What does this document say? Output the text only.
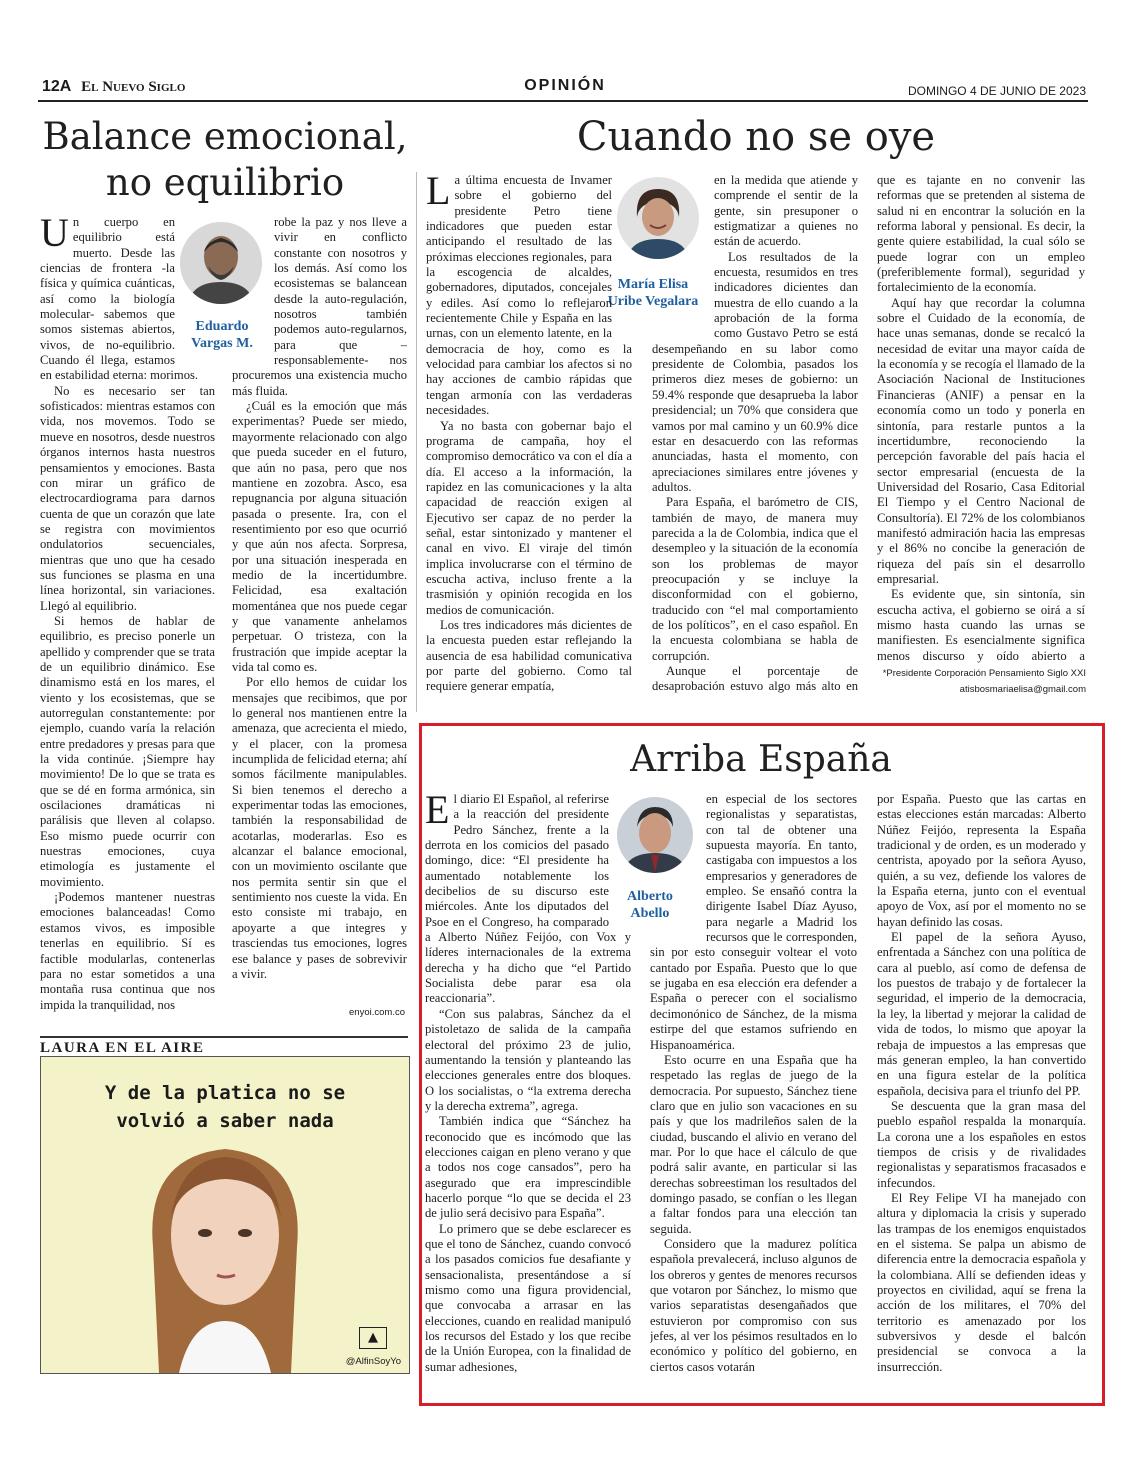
12A El Nuevo Siglo	OPINIÓN	DOMINGO 4 DE JUNIO DE 2023
Balance emocional,
no equilibrio
Eduardo
Vargas M.

Un cuerpo en equilibrio está muerto. Desde las ciencias de frontera -la física y química cuánticas, así como la biología molecular- sabemos que somos sistemas abiertos, vivos, de no-equilibrio. Cuando él llega, estamos en estabilidad eterna: morimos.

No es necesario ser tan sofisticados: mientras estamos con vida, nos movemos. Todo se mueve en nosotros, desde nuestros órganos internos hasta nuestros pensamientos y emociones. Basta con mirar un gráfico de electrocardiograma para darnos cuenta de que un corazón que late se registra con movimientos ondulatorios secuenciales, mientras que uno que ha cesado sus funciones se plasma en una línea horizontal, sin variaciones. Llegó al equilibrio.

Si hemos de hablar de equilibrio, es preciso ponerle un apellido y comprender que se trata de un equilibrio dinámico. Ese dinamismo está en los mares, el viento y los ecosistemas, que se autorregulan constantemente: por ejemplo, cuando varía la relación entre predadores y presas para que la vida continúe. ¡Siempre hay movimiento! De lo que se trata es que se dé en forma armónica, sin oscilaciones dramáticas ni parálisis que lleven al colapso. Eso mismo puede ocurrir con nuestras emociones, cuya etimología es justamente el movimiento.

¡Podemos mantener nuestras emociones balanceadas! Como estamos vivos, es imposible tenerlas en equilibrio. Sí es factible modularlas, contenerlas para no estar sometidos a una montaña rusa continua que nos impida la tranquilidad, nos

robe la paz y nos lleve a vivir en conflicto constante con nosotros y los demás. Así como los ecosistemas se balancean desde la auto-regulación, nosotros también podemos auto-regularnos, para que –responsablemente- nos procuremos una existencia mucho más fluida.

¿Cuál es la emoción que más experimentas? Puede ser miedo, mayormente relacionado con algo que pueda suceder en el futuro, que aún no pasa, pero que nos mantiene en zozobra. Asco, esa repugnancia por alguna situación pasada o presente. Ira, con el resentimiento por eso que ocurrió y que aún nos afecta. Sorpresa, por una situación inesperada en medio de la incertidumbre. Felicidad, esa exaltación momentánea que nos puede cegar y que vanamente anhelamos perpetuar. O tristeza, con la frustración que impide aceptar la vida tal como es.

Por ello hemos de cuidar los mensajes que recibimos, que por lo general nos mantienen entre la amenaza, que acrecienta el miedo, y el placer, con la promesa incumplida de felicidad eterna; ahí somos fácilmente manipulables. Si bien tenemos el derecho a experimentar todas las emociones, también la responsabilidad de acotarlas, moderarlas. Eso es alcanzar el balance emocional, con un movimiento oscilante que nos permita sentir sin que el sentimiento nos cueste la vida. En esto consiste mi trabajo, en apoyarte a que integres y trasciendas tus emociones, logres ese balance y pases de sobrevivir a vivir.

enyoi.com.co
Cuando no se oye
María Elisa
Uribe Vegalara

La última encuesta de Invamer sobre el gobierno del presidente Petro tiene indicadores que pueden estar anticipando el resultado de las próximas elecciones regionales, para la escogencia de alcaldes, gobernadores, diputados, concejales y ediles. Así como lo reflejaron recientemente Chile y España en las urnas, con un elemento latente, en la democracia de hoy, como es la velocidad para cambiar los afectos si no hay acciones de cambio rápidas que tengan armonía con las verdaderas necesidades.

Ya no basta con gobernar bajo el programa de campaña, hoy el compromiso democrático va con el día a día. El acceso a la información, la rapidez en las comunicaciones y la alta capacidad de reacción exigen al Ejecutivo ser capaz de no perder la señal, estar sintonizado y mantener el canal en vivo. El viraje del timón implica involucrarse con el término de escucha activa, incluso frente a la trasmisión y opinión recogida en los medios de comunicación.

Los tres indicadores más dicientes de la encuesta pueden estar reflejando la ausencia de esa habilidad comunicativa por parte del gobierno. Como tal requiere generar empatía,

en la medida que atiende y comprende el sentir de la gente, sin presuponer o estigmatizar a quienes no están de acuerdo.

Los resultados de la encuesta, resumidos en tres indicadores dicientes dan muestra de ello cuando a la aprobación de la forma como Gustavo Petro se está desempeñando en su labor como presidente de Colombia, pasados los primeros diez meses de gobierno: un 59.4% responde que desaprueba la labor presidencial; un 70% que considera que vamos por mal camino y un 60.9% dice estar en desacuerdo con las reformas anunciadas, hasta el momento, con apreciaciones similares entre jóvenes y adultos.

Para España, el barómetro de CIS, también de mayo, de manera muy parecida a la de Colombia, indica que el desempleo y la situación de la economía son los problemas de mayor preocupación y se incluye la disconformidad con el gobierno, traducido con “el mal comportamiento de los políticos”, en el caso español. En la encuesta colombiana se habla de corrupción.

Aunque el porcentaje de desaprobación estuvo algo más alto en

que es tajante en no convenir las reformas que se pretenden al sistema de salud ni en encontrar la solución en la reforma laboral y pensional. Es decir, la gente quiere estabilidad, la cual sólo se puede lograr con un empleo (preferiblemente formal), seguridad y fortalecimiento de la economía.

Aquí hay que recordar la columna sobre el Cuidado de la economía, de hace unas semanas, donde se recalcó la necesidad de evitar una mayor caída de la economía y se recogía el llamado de la Asociación Nacional de Instituciones Financieras (ANIF) a pensar en la economía como un todo y ponerla en sintonía, para restarle puntos a la incertidumbre, reconociendo la percepción favorable del país hacia el sector empresarial (encuesta de la Universidad del Rosario, Casa Editorial El Tiempo y el Centro Nacional de Consultoría). El 72% de los colombianos manifestó admiración hacia las empresas y el 86% no concibe la generación de riqueza del país sin el desarrollo empresarial.

Es evidente que, sin sintonía, sin escucha activa, el gobierno se oirá a sí mismo hasta cuando las urnas se manifiesten. Es esencialmente significa menos discurso y oído abierto a

*Presidente Corporación Pensamiento Siglo XXI
atisbosmariaelisa@gmail.com
LAURA EN EL AIRE
Y de la platica no se
volvió a saber nada
▲
@AlfinSoyYo
Arriba España
Alberto
Abello

El diario El Español, al referirse a la reacción del presidente Pedro Sánchez, frente a la derrota en los comicios del pasado domingo, dice: “El presidente ha aumentado notablemente los decibelios de su discurso este miércoles. Ante los diputados del Psoe en el Congreso, ha comparado a Alberto Núñez Feijóo, con Vox y líderes internacionales de la extrema derecha y ha dicho que “el Partido Socialista debe parar esa ola reaccionaria”.

“Con sus palabras, Sánchez da el pistoletazo de salida de la campaña electoral del próximo 23 de julio, aumentando la tensión y planteando las elecciones generales entre dos bloques. O los socialistas, o “la extrema derecha y la derecha extrema”, agrega.

También indica que “Sánchez ha reconocido que es incómodo que las elecciones caigan en pleno verano y que a todos nos coge cansados”, pero ha asegurado que era imprescindible hacerlo porque “lo que se decida el 23 de julio será decisivo para España”.

Lo primero que se debe esclarecer es que el tono de Sánchez, cuando convocó a los pasados comicios fue desafiante y sensacionalista, presentándose a sí mismo como una figura providencial, que convocaba a arrasar en las elecciones, cuando en realidad manipuló los recursos del Estado y los que recibe de la Unión Europea, con la finalidad de sumar adhesiones,

en especial de los sectores regionalistas y separatistas, con tal de obtener una supuesta mayoría. En tanto, castigaba con impuestos a los empresarios y generadores de empleo. Se ensañó contra la dirigente Isabel Díaz Ayuso, para negarle a Madrid los recursos que le corresponden, sin por esto conseguir voltear el voto cantado por España. Puesto que lo que se jugaba en esa elección era defender a España o perecer con el socialismo decimonónico de Sánchez, de la misma estirpe del que estamos sufriendo en Hispanoamérica.

Esto ocurre en una España que ha respetado las reglas de juego de la democracia. Por supuesto, Sánchez tiene claro que en julio son vacaciones en su país y que los madrileños salen de la ciudad, buscando el alivio en verano del mar. Por lo que hace el cálculo de que podrá salir avante, en particular si las derechas sobreestiman los resultados del domingo pasado, se confían o les llegan a faltar fondos para una elección tan seguida.

Considero que la madurez política española prevalecerá, incluso algunos de los obreros y gentes de menores recursos que votaron por Sánchez, lo mismo que varios separatistas desengañados que estuvieron por compromiso con sus jefes, al ver los pésimos resultados en lo económico y político del gobierno, en ciertos casos votarán

por España. Puesto que las cartas en estas elecciones están marcadas: Alberto Núñez Feijóo, representa la España tradicional y de orden, es un moderado y centrista, apoyado por la señora Ayuso, quién, a su vez, defiende los valores de la España eterna, junto con el eventual apoyo de Vox, así por el momento no se hayan definido las cosas.

El papel de la señora Ayuso, enfrentada a Sánchez con una política de cara al pueblo, así como de defensa de los puestos de trabajo y de fortalecer la seguridad, el imperio de la democracia, la ley, la libertad y mejorar la calidad de vida de todos, lo mismo que apoyar la rebaja de impuestos a las empresas que más generan empleo, la han convertido en una figura estelar de la política española, decisiva para el triunfo del PP.

Se descuenta que la gran masa del pueblo español respalda la monarquía. La corona une a los españoles en estos tiempos de crisis y de rivalidades regionalistas y separatismos fracasados e infecundos.

El Rey Felipe VI ha manejado con altura y diplomacia la crisis y superado las trampas de los enemigos enquistados en el sistema. Se palpa un abismo de diferencia entre la democracia española y la colombiana. Allí se defienden ideas y proyectos en civilidad, aquí se frena la acción de los militares, el 70% del territorio es amenazado por los subversivos y desde el balcón presidencial se convoca a la insurrección.
